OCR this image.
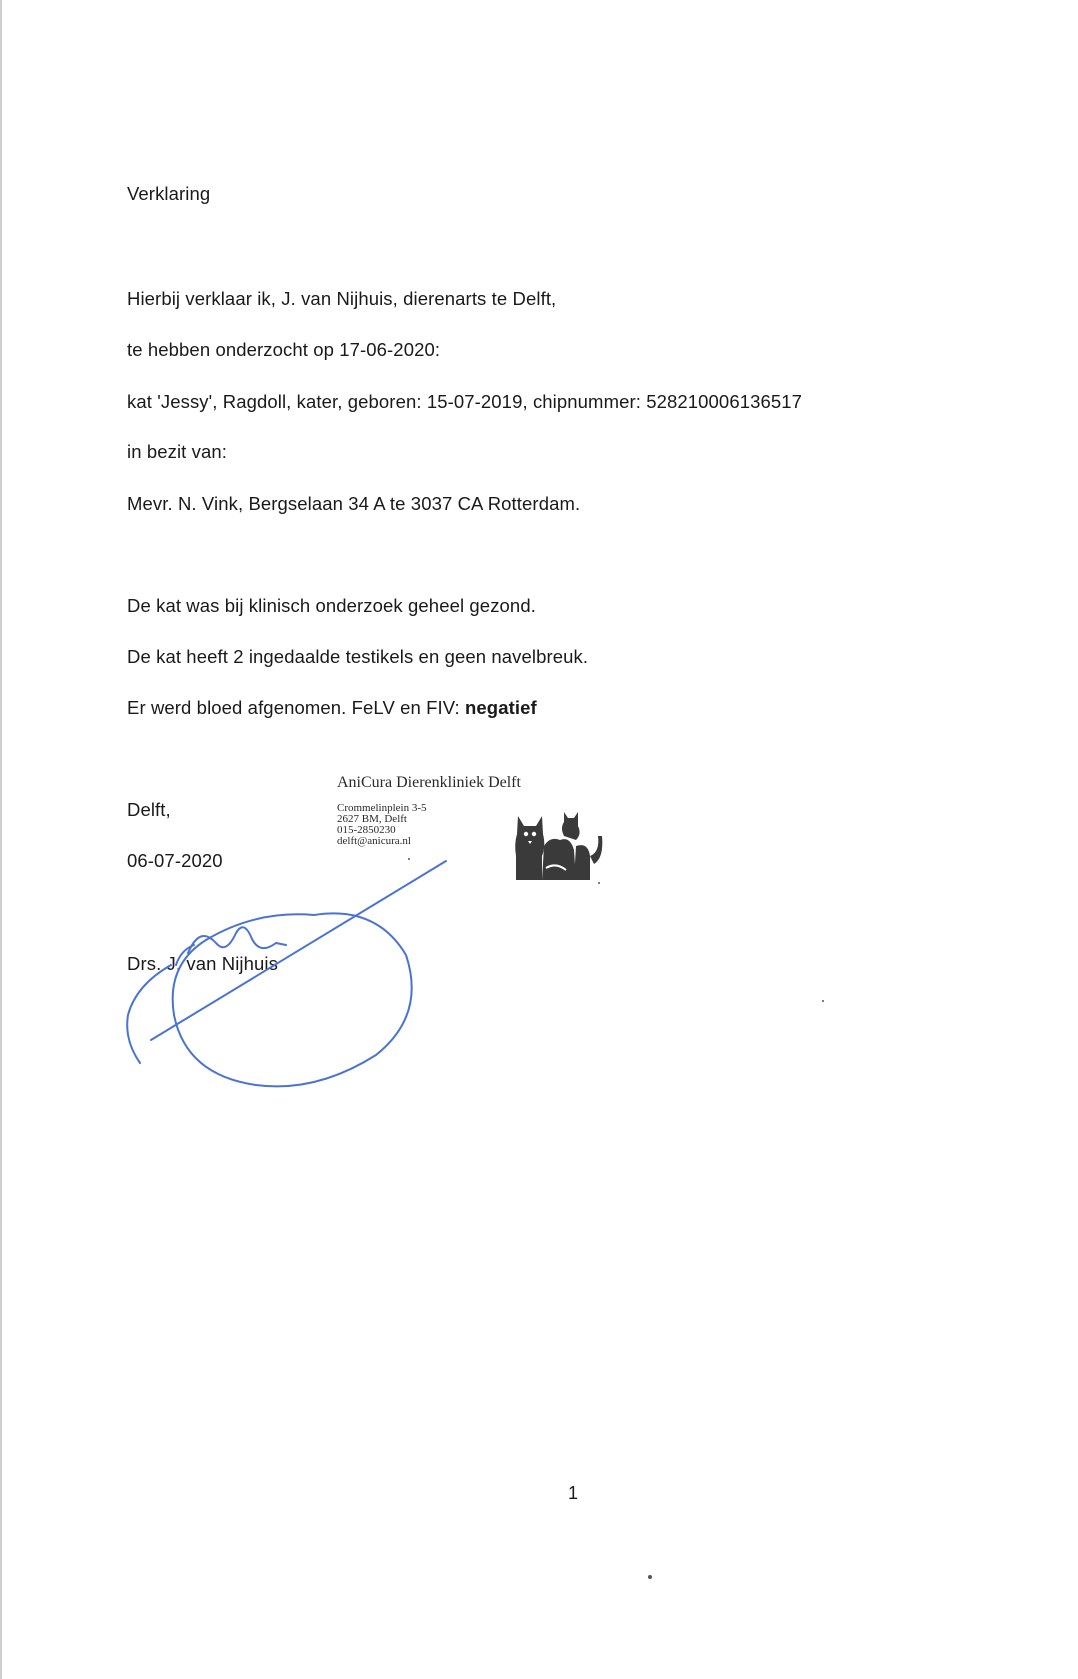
Verklaring
Hierbij verklaar ik, J. van Nijhuis, dierenarts te Delft,
te hebben onderzocht op 17-06-2020:
kat 'Jessy', Ragdoll, kater, geboren: 15-07-2019, chipnummer: 528210006136517
in bezit van:
Mevr. N. Vink, Bergselaan 34 A te 3037 CA Rotterdam.
De kat was bij klinisch onderzoek geheel gezond.
De kat heeft 2 ingedaalde testikels en geen navelbreuk.
Er werd bloed afgenomen. FeLV en FIV: negatief
Delft,
06-07-2020
Drs. J. van Nijhuis
AniCura Dierenkliniek Delft
Crommelinplein 3-5
2627 BM, Delft
015-2850230
delft@anicura.nl
1
